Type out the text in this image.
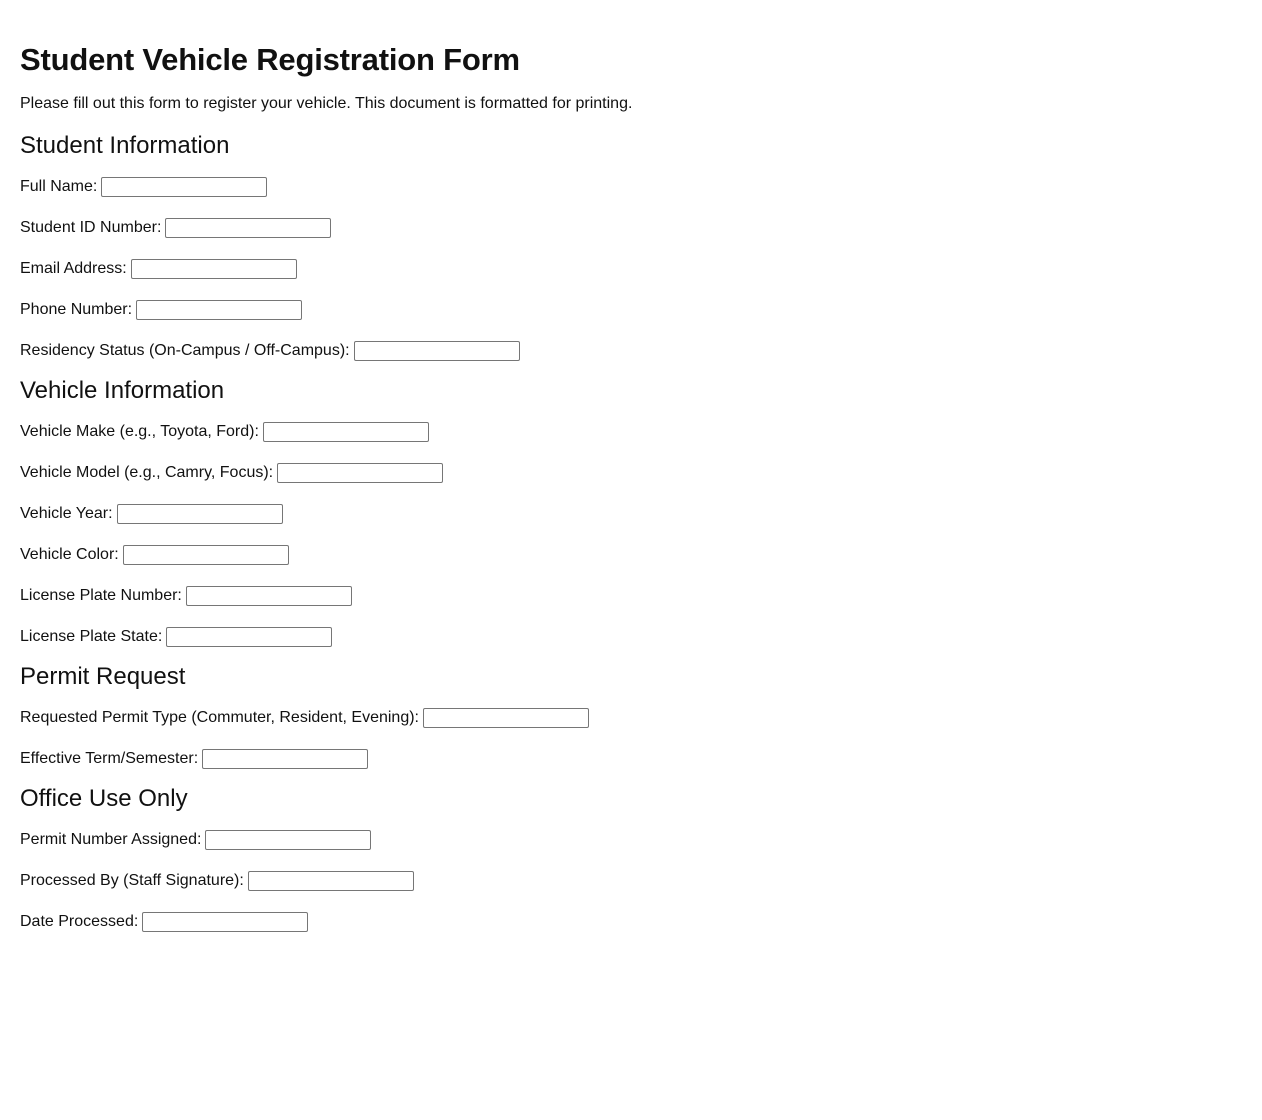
Student Vehicle Registration Form

Please fill out this form to register your vehicle. This document is formatted for printing.

Student Information
Full Name:
Student ID Number:
Email Address:
Phone Number:
Residency Status (On-Campus / Off-Campus):
Vehicle Information
Vehicle Make (e.g., Toyota, Ford):
Vehicle Model (e.g., Camry, Focus):
Vehicle Year:
Vehicle Color:
License Plate Number:
License Plate State:
Permit Request
Requested Permit Type (Commuter, Resident, Evening):
Effective Term/Semester:
Office Use Only
Permit Number Assigned:
Processed By (Staff Signature):
Date Processed:
